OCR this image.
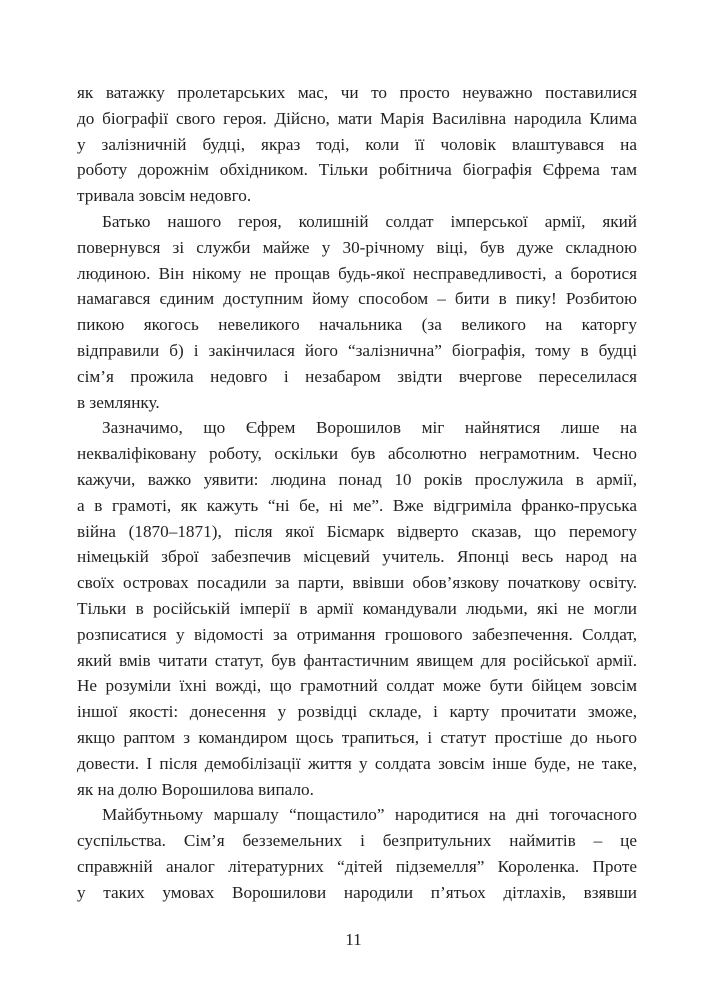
як ватажку пролетарських мас, чи то просто неуважно поставилися
до біографії свого героя. Дійсно, мати Марія Василівна народила Клима
у залізничній будці, якраз тоді, коли її чоловік влаштувався на
роботу дорожнім обхідником. Тільки робітнича біографія Єфрема там
тривала зовсім недовго.
Батько нашого героя, колишній солдат імперської армії, який
повернувся зі служби майже у 30-річному віці, був дуже складною
людиною. Він нікому не прощав будь-якої несправедливості, а боротися
намагався єдиним доступним йому способом – бити в пику! Розбитою
пикою якогось невеликого начальника (за великого на каторгу
відправили б) і закінчилася його “залізнична” біографія, тому в будці
сім’я прожила недовго і незабаром звідти вчергове переселилася
в землянку.
Зазначимо, що Єфрем Ворошилов міг найнятися лише на
некваліфіковану роботу, оскільки був абсолютно неграмотним. Чесно
кажучи, важко уявити: людина понад 10 років прослужила в армії,
а в грамоті, як кажуть “ні бе, ні ме”. Вже відгриміла франко-пруська
війна (1870–1871), після якої Бісмарк відверто сказав, що перемогу
німецькій зброї забезпечив місцевий учитель. Японці весь народ на
своїх островах посадили за парти, ввівши обов’язкову початкову освіту.
Тільки в російській імперії в армії командували людьми, які не могли
розписатися у відомості за отримання грошового забезпечення. Солдат,
який вмів читати статут, був фантастичним явищем для російської армії.
Не розуміли їхні вожді, що грамотний солдат може бути бійцем зовсім
іншої якості: донесення у розвідці складе, і карту прочитати зможе,
якщо раптом з командиром щось трапиться, і статут простіше до нього
довести. І після демобілізації життя у солдата зовсім інше буде, не таке,
як на долю Ворошилова випало.
Майбутньому маршалу “пощастило” народитися на дні тогочасного
суспільства. Сім’я безземельних і безпритульних наймитів – це
справжній аналог літературних “дітей підземелля” Короленка. Проте
у таких умовах Ворошилови народили п’ятьох дітлахів, взявши
11
